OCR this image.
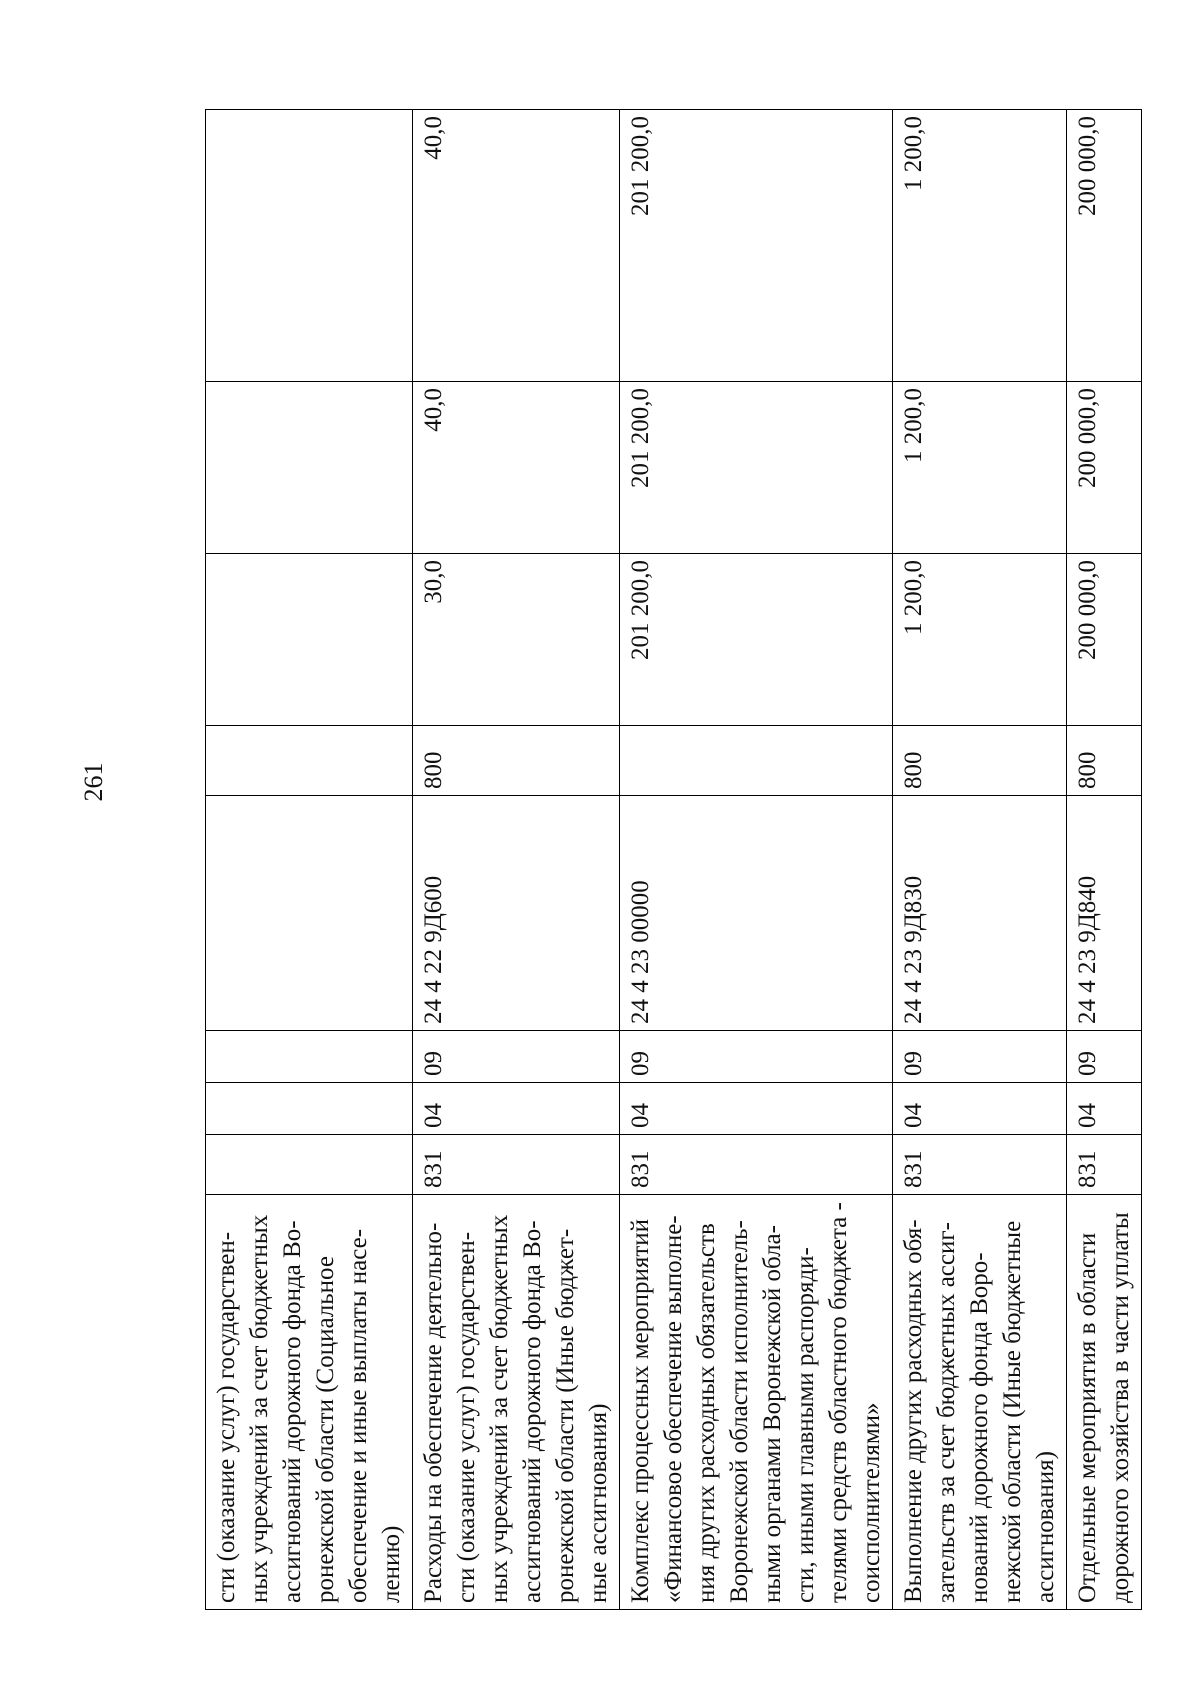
261
сти (оказание услуг) государствен-ных учреждений за счет бюджетных ассигнований дорожного фонда Во-ронежской области (Социальное обеспечение и иные выплаты насе-лению)								
Расходы на обеспечение деятельно-сти (оказание услуг) государствен-ных учреждений за счет бюджетных ассигнований дорожного фонда Во-ронежской области (Иные бюджет-ные ассигнования)	831	04	09	24 4 22 9Д600	800	30,0	40,0	40,0
Комплекс процессных мероприятий «Финансовое обеспечение выполне-ния других расходных обязательств Воронежской области исполнитель-ными органами Воронежской обла-сти, иными главными распоряди-телями средств областного бюджета - соисполнителями»	831	04	09	24 4 23 00000		201 200,0	201 200,0	201 200,0
Выполнение других расходных обя-зательств за счет бюджетных ассиг-нований дорожного фонда Воро-нежской области (Иные бюджетные ассигнования)	831	04	09	24 4 23 9Д830	800	1 200,0	1 200,0	1 200,0
Отдельные мероприятия в области дорожного хозяйства в части уплаты	831	04	09	24 4 23 9Д840	800	200 000,0	200 000,0	200 000,0
